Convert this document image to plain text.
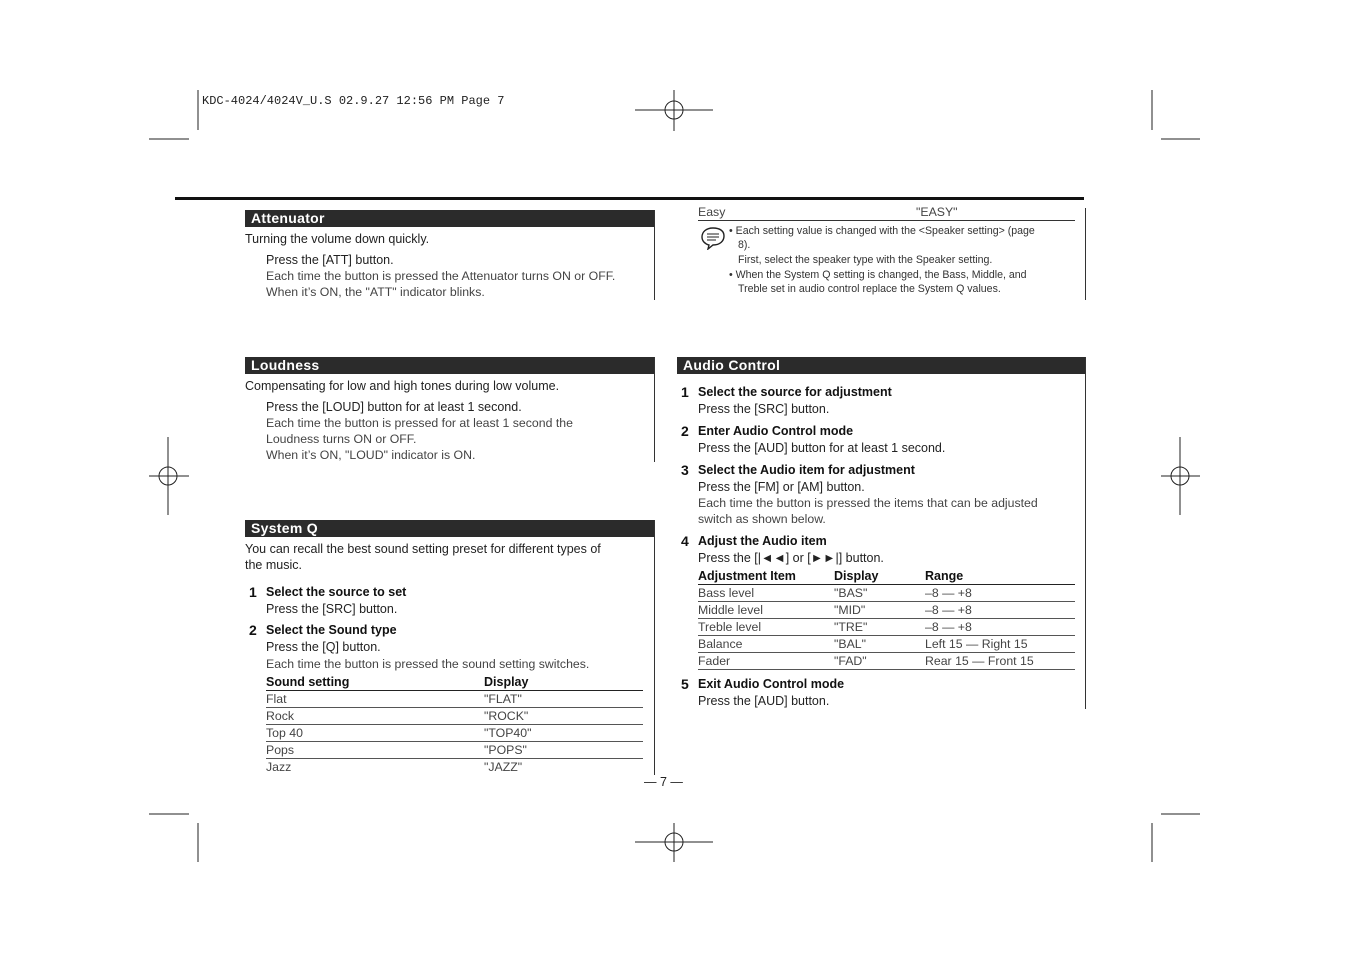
KDC-4024/4024V_U.S 02.9.27 12:56 PM Page 7
Attenuator
Turning the volume down quickly.
Press the [ATT] button.
Each time the button is pressed the Attenuator turns ON or OFF.
When it’s ON, the "ATT" indicator blinks.
Easy	"EASY"
• Each setting value is changed with the <Speaker setting> (page
8).
First, select the speaker type with the Speaker setting.
• When the System Q setting is changed, the Bass, Middle, and
Treble set in audio control replace the System Q values.
Loudness
Compensating for low and high tones during low volume.
Press the [LOUD] button for at least 1 second.
Each time the button is pressed for at least 1 second the
Loudness turns ON or OFF.
When it’s ON, "LOUD" indicator is ON.
System Q
You can recall the best sound setting preset for different types of
the music.
1 Select the source to set
Press the [SRC] button.
2 Select the Sound type
Press the [Q] button.
Each time the button is pressed the sound setting switches.
Sound setting	Display
Flat	"FLAT"
Rock	"ROCK"
Top 40	"TOP40"
Pops	"POPS"
Jazz	"JAZZ"
Audio Control
1 Select the source for adjustment
Press the [SRC] button.
2 Enter Audio Control mode
Press the [AUD] button for at least 1 second.
3 Select the Audio item for adjustment
Press the [FM] or [AM] button.
Each time the button is pressed the items that can be adjusted
switch as shown below.
4 Adjust the Audio item
Press the [|◄◄] or [►►|] button.
Adjustment Item	Display	Range
Bass level	"BAS"	–8 — +8
Middle level	"MID"	–8 — +8
Treble level	"TRE"	–8 — +8
Balance	"BAL"	Left 15 — Right 15
Fader	"FAD"	Rear 15 — Front 15
5 Exit Audio Control mode
Press the [AUD] button.
— 7 —
